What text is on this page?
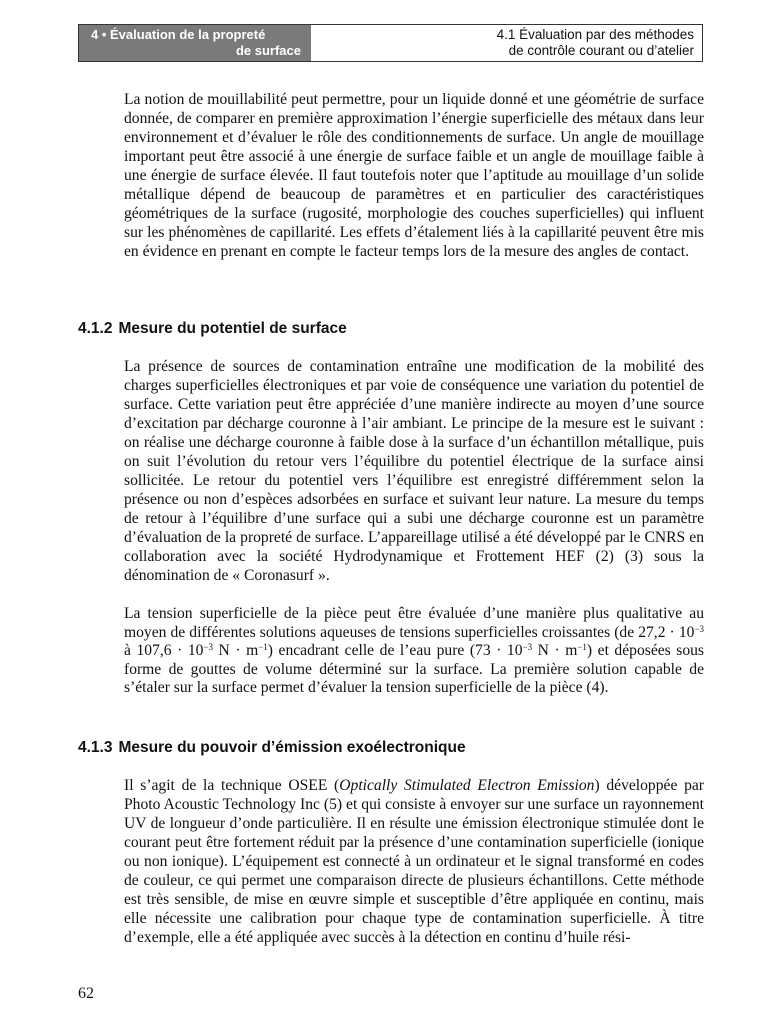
4 • Évaluation de la propreté
de surface
4.1 Évaluation par des méthodes
de contrôle courant ou d’atelier

La notion de mouillabilité peut permettre, pour un liquide donné et une géométrie de surface donnée, de comparer en première approximation l’énergie superficielle des métaux dans leur environnement et d’évaluer le rôle des conditionnements de surface. Un angle de mouillage important peut être associé à une énergie de surface faible et un angle de mouillage faible à une énergie de surface élevée. Il faut toutefois noter que l’aptitude au mouillage d’un solide métallique dépend de beaucoup de paramètres et en particulier des caractéristiques géométriques de la surface (rugosité, morphologie des couches superficielles) qui influent sur les phénomènes de capillarité. Les effets d’étalement liés à la capillarité peuvent être mis en évidence en prenant en compte le facteur temps lors de la mesure des angles de contact.

4.1.2 Mesure du potentiel de surface

La présence de sources de contamination entraîne une modification de la mobilité des charges superficielles électroniques et par voie de conséquence une variation du potentiel de surface. Cette variation peut être appréciée d’une manière indirecte au moyen d’une source d’excitation par décharge couronne à l’air ambiant. Le principe de la mesure est le suivant : on réalise une décharge couronne à faible dose à la surface d’un échantillon métallique, puis on suit l’évolution du retour vers l’équilibre du potentiel électrique de la surface ainsi sollicitée. Le retour du potentiel vers l’équilibre est enregistré différemment selon la présence ou non d’espèces adsorbées en surface et suivant leur nature. La mesure du temps de retour à l’équilibre d’une surface qui a subi une décharge couronne est un paramètre d’évaluation de la propreté de surface. L’appareillage utilisé a été développé par le CNRS en collaboration avec la société Hydrodynamique et Frottement HEF (2) (3) sous la dénomination de « Coronasurf ».

La tension superficielle de la pièce peut être évaluée d’une manière plus qualitative au moyen de différentes solutions aqueuses de tensions superficielles croissantes (de $27,2 \cdot 10^{-3}$ à $107,6 \cdot 10^{-3}$ $N \cdot m^{-1}$) encadrant celle de l’eau pure ($73 \cdot 10^{-3}$ $N \cdot m^{-1}$) et déposées sous forme de gouttes de volume déterminé sur la surface. La première solution capable de s’étaler sur la surface permet d’évaluer la tension superficielle de la pièce (4).

4.1.3 Mesure du pouvoir d’émission exoélectronique

Il s’agit de la technique OSEE (Optically Stimulated Electron Emission) développée par Photo Acoustic Technology Inc (5) et qui consiste à envoyer sur une surface un rayonnement UV de longueur d’onde particulière. Il en résulte une émission électronique stimulée dont le courant peut être fortement réduit par la présence d’une contamination superficielle (ionique ou non ionique). L’équipement est connecté à un ordinateur et le signal transformé en codes de couleur, ce qui permet une comparaison directe de plusieurs échantillons. Cette méthode est très sensible, de mise en œuvre simple et susceptible d’être appliquée en continu, mais elle nécessite une calibration pour chaque type de contamination superficielle. À titre d’exemple, elle a été appliquée avec succès à la détection en continu d’huile rési-

62
